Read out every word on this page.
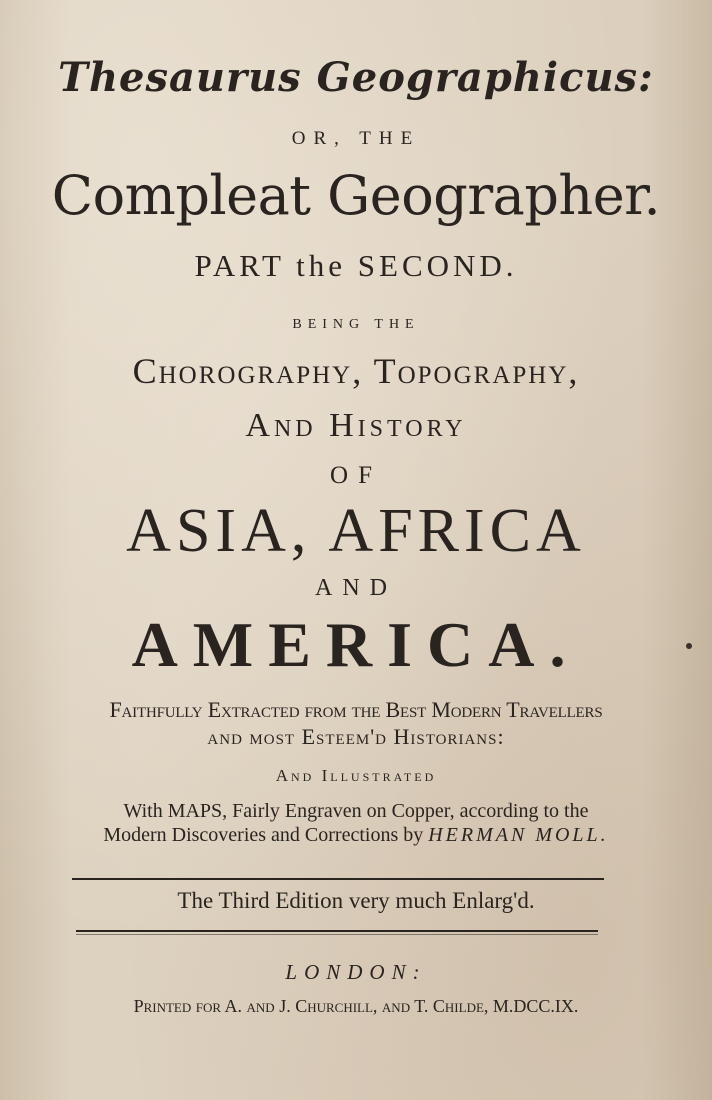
Thesaurus Geographicus:
OR, THE
Compleat Geographer.
PART the SECOND.
BEING THE
Chorography, Topography,
And History
OF
ASIA, AFRICA
AND
AMERICA.
Faithfully Extracted from the Best Modern Travellers
and most Esteem'd Historians:
And Illustrated
With MAPS, Fairly Engraven on Copper, according to the
Modern Discoveries and Corrections by HERMAN MOLL.
The Third Edition very much Enlarg'd.
LONDON:
Printed for A. and J. Churchill, and T. Childe, M.DCC.IX.
